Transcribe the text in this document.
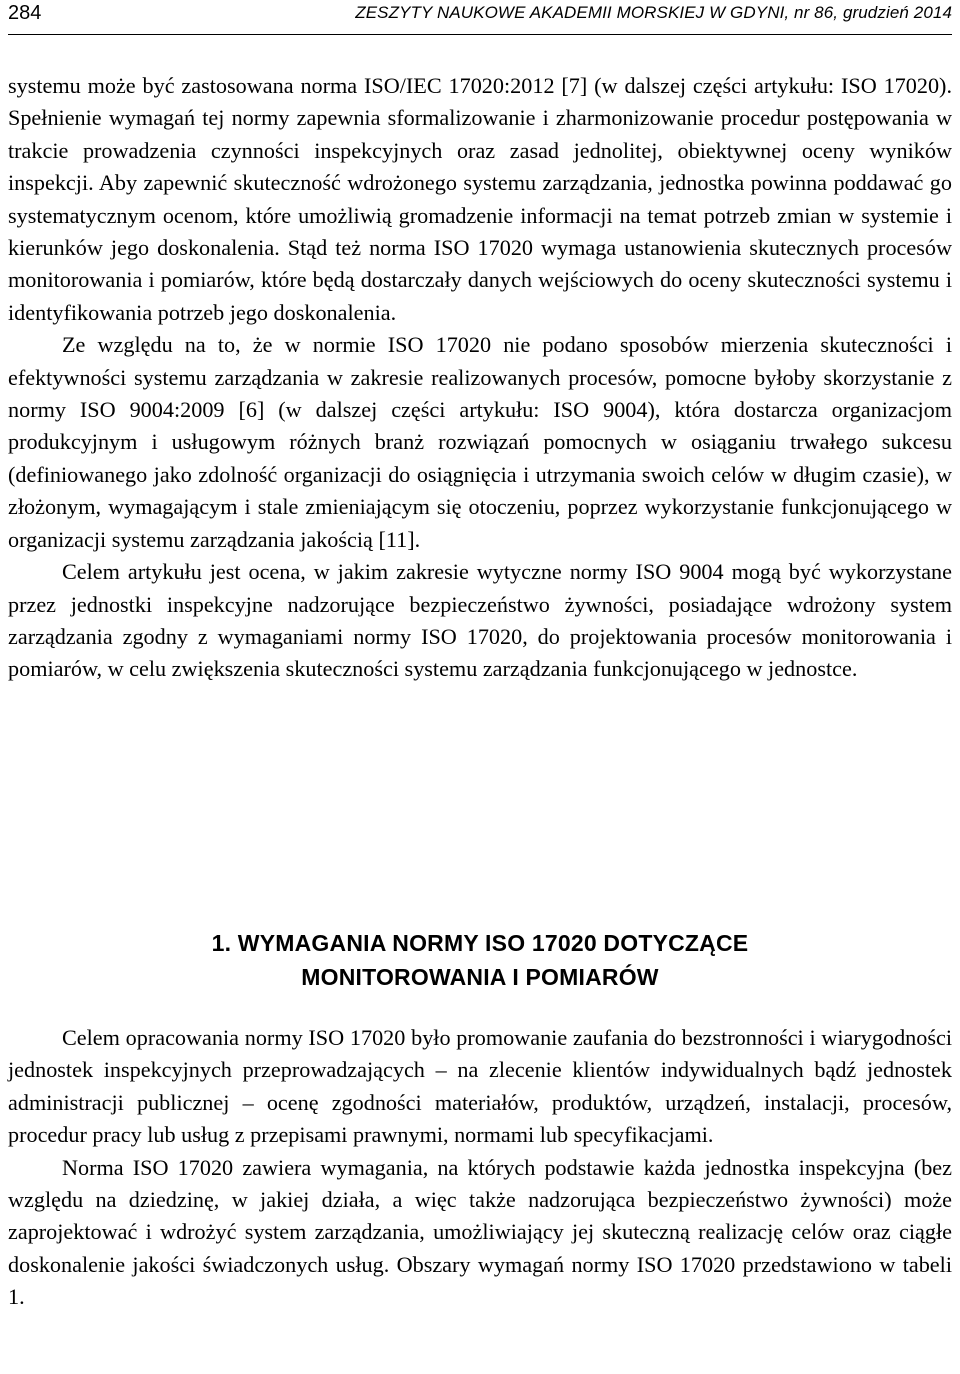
284	ZESZYTY NAUKOWE AKADEMII MORSKIEJ W GDYNI, nr 86, grudzień 2014

systemu może być zastosowana norma ISO/IEC 17020:2012 [7] (w dalszej części artykułu: ISO 17020). Spełnienie wymagań tej normy zapewnia sformalizowanie i zharmonizowanie procedur postępowania w trakcie prowadzenia czynności inspekcyjnych oraz zasad jednolitej, obiektywnej oceny wyników inspekcji. Aby zapewnić skuteczność wdrożonego systemu zarządzania, jednostka powinna poddawać go systematycznym ocenom, które umożliwią gromadzenie informacji na temat potrzeb zmian w systemie i kierunków jego doskonalenia. Stąd też norma ISO 17020 wymaga ustanowienia skutecznych procesów monitorowania i pomiarów, które będą dostarczały danych wejściowych do oceny skuteczności systemu i identyfikowania potrzeb jego doskonalenia.

Ze względu na to, że w normie ISO 17020 nie podano sposobów mierzenia skuteczności i efektywności systemu zarządzania w zakresie realizowanych procesów, pomocne byłoby skorzystanie z normy ISO 9004:2009 [6] (w dalszej części artykułu: ISO 9004), która dostarcza organizacjom produkcyjnym i usługowym różnych branż rozwiązań pomocnych w osiąganiu trwałego sukcesu (definiowanego jako zdolność organizacji do osiągnięcia i utrzymania swoich celów w długim czasie), w złożonym, wymagającym i stale zmieniającym się otoczeniu, poprzez wykorzystanie funkcjonującego w organizacji systemu zarządzania jakością [11].

Celem artykułu jest ocena, w jakim zakresie wytyczne normy ISO 9004 mogą być wykorzystane przez jednostki inspekcyjne nadzorujące bezpieczeństwo żywności, posiadające wdrożony system zarządzania zgodny z wymaganiami normy ISO 17020, do projektowania procesów monitorowania i pomiarów, w celu zwiększenia skuteczności systemu zarządzania funkcjonującego w jednostce.

1. WYMAGANIA NORMY ISO 17020 DOTYCZĄCE
MONITOROWANIA I POMIARÓW

Celem opracowania normy ISO 17020 było promowanie zaufania do bezstronności i wiarygodności jednostek inspekcyjnych przeprowadzających – na zlecenie klientów indywidualnych bądź jednostek administracji publicznej – ocenę zgodności materiałów, produktów, urządzeń, instalacji, procesów, procedur pracy lub usług z przepisami prawnymi, normami lub specyfikacjami.

Norma ISO 17020 zawiera wymagania, na których podstawie każda jednostka inspekcyjna (bez względu na dziedzinę, w jakiej działa, a więc także nadzorująca bezpieczeństwo żywności) może zaprojektować i wdrożyć system zarządzania, umożliwiający jej skuteczną realizację celów oraz ciągłe doskonalenie jakości świadczonych usług. Obszary wymagań normy ISO 17020 przedstawiono w tabeli 1.
